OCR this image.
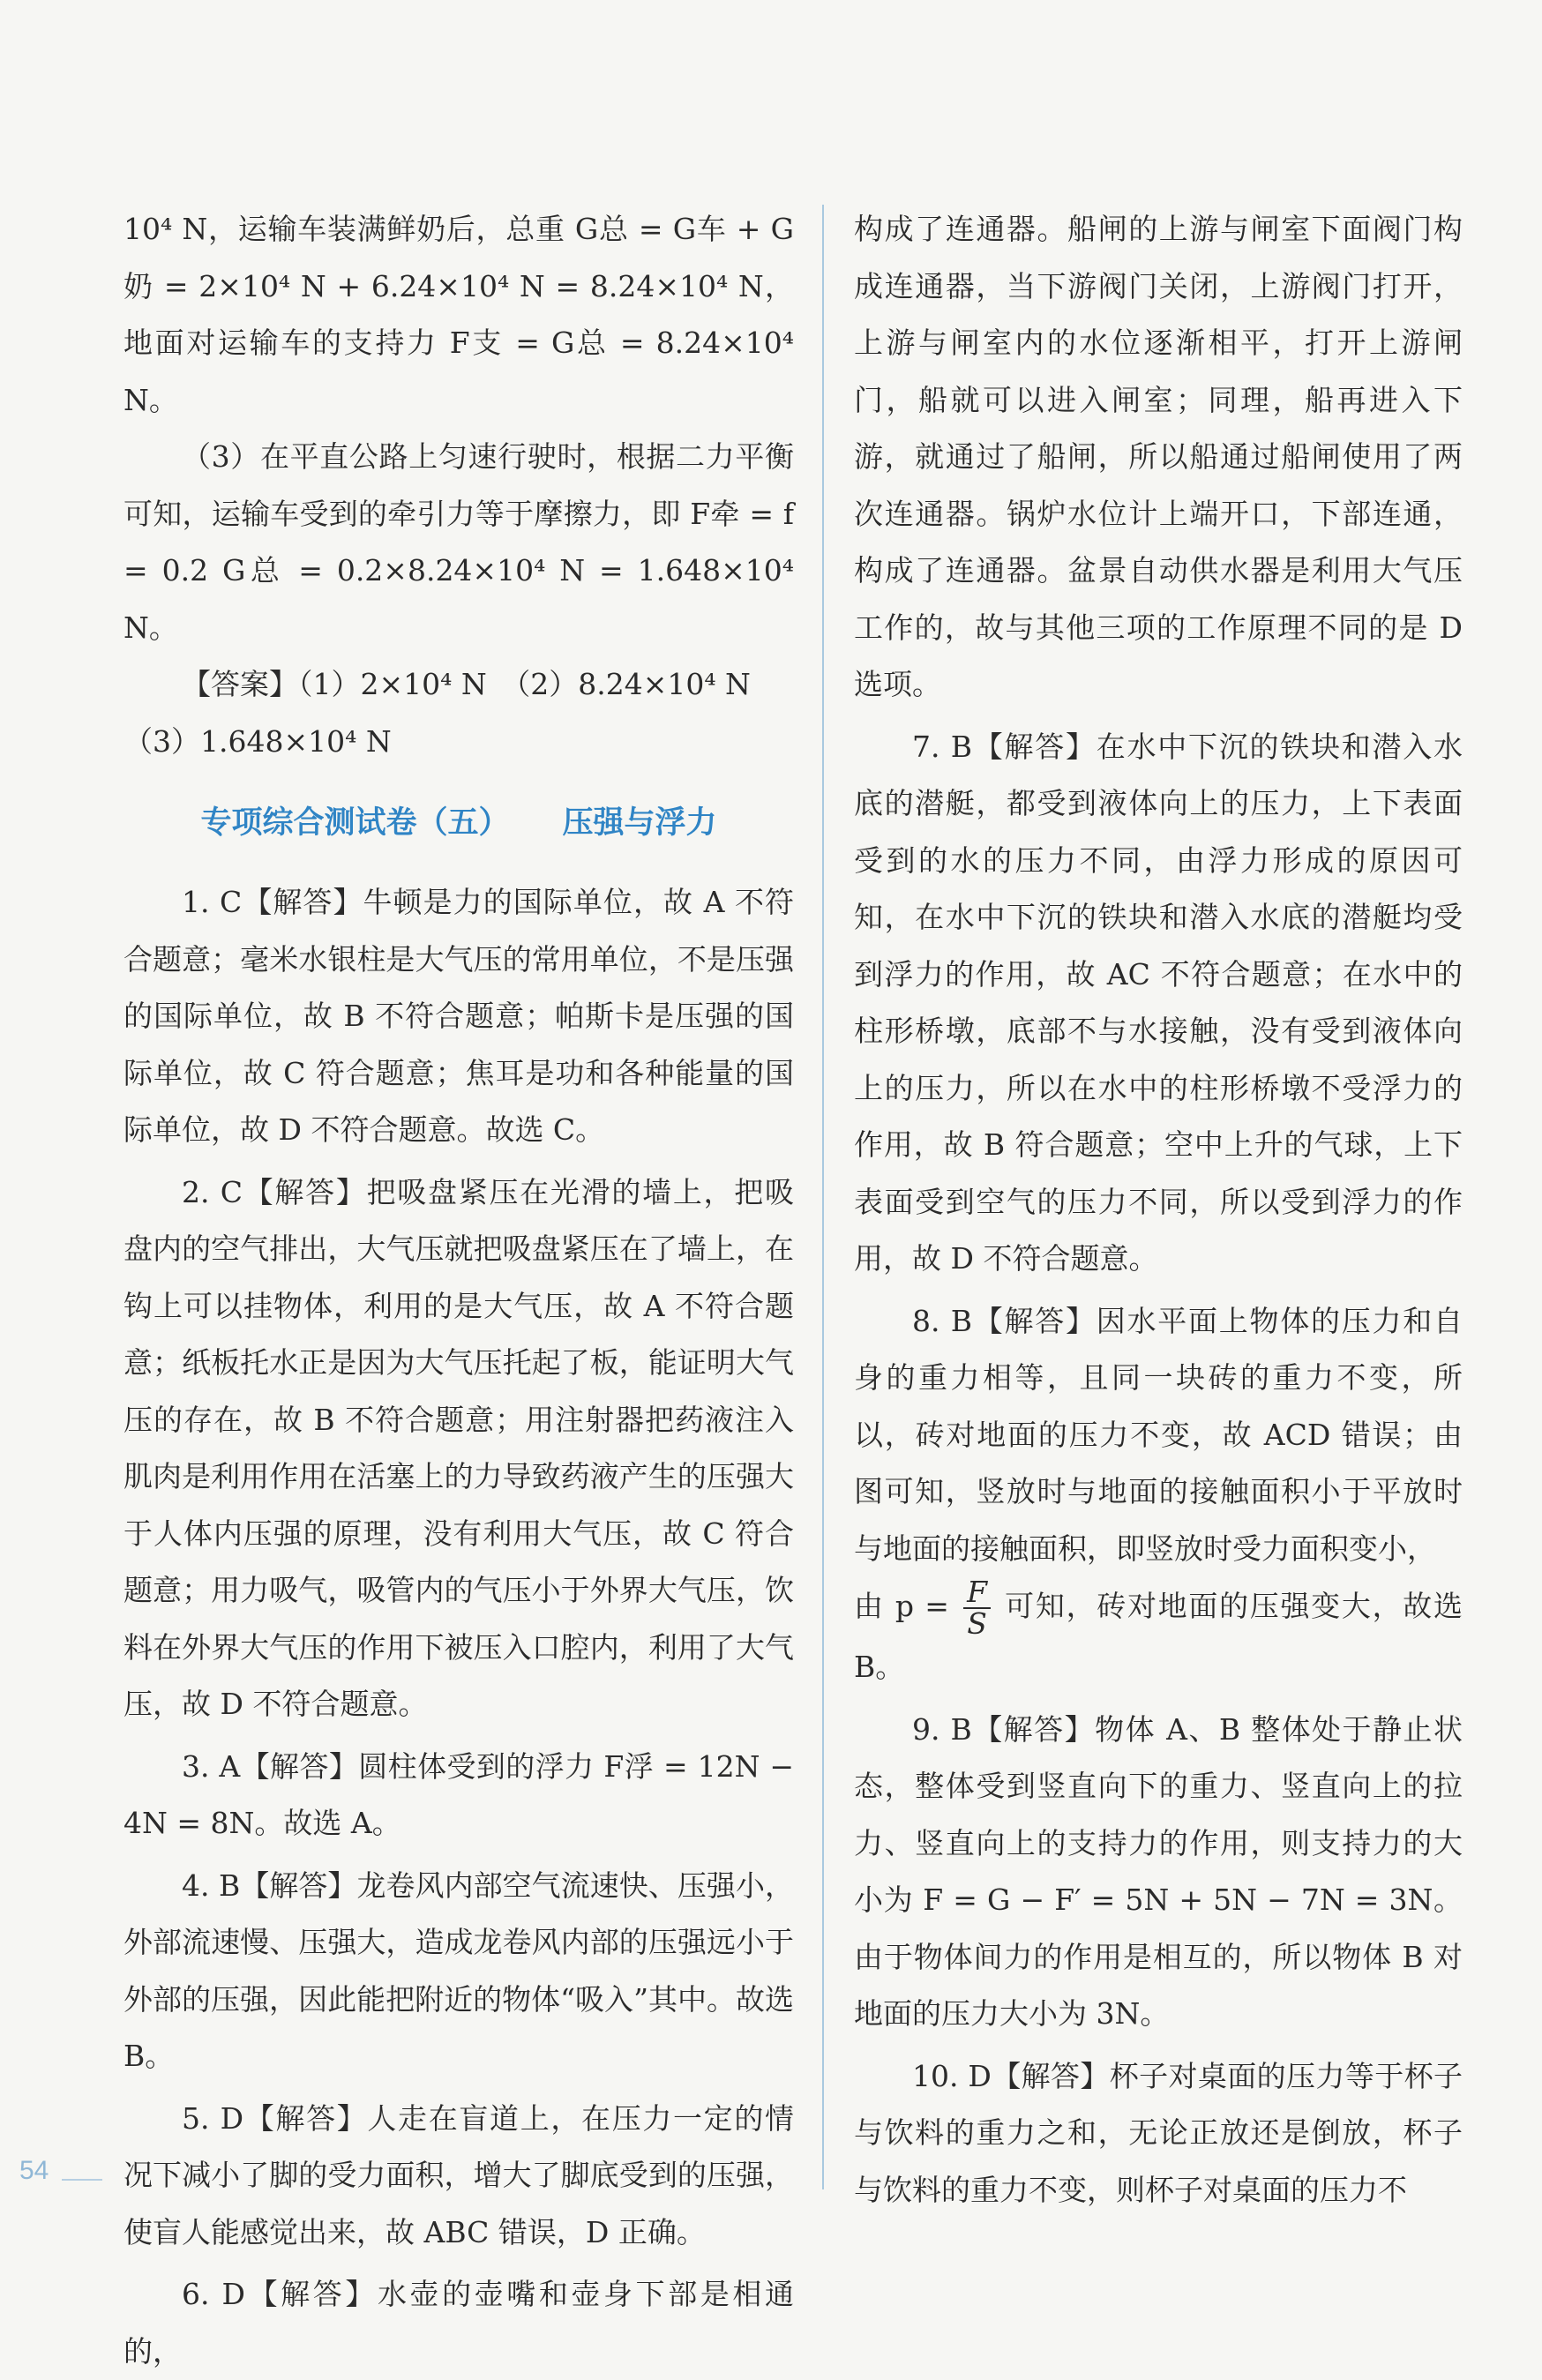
10⁴ N，运输车装满鲜奶后，总重 G总 = G车 + G奶 = 2×10⁴ N + 6.24×10⁴ N = 8.24×10⁴ N，地面对运输车的支持力 F支 = G总 = 8.24×10⁴ N。

（3）在平直公路上匀速行驶时，根据二力平衡可知，运输车受到的牵引力等于摩擦力，即 F牵 = f = 0.2 G总 = 0.2×8.24×10⁴ N = 1.648×10⁴ N。

【答案】（1）2×10⁴ N　（2）8.24×10⁴ N

（3）1.648×10⁴ N

专项综合测试卷（五） 压强与浮力

1. C【解答】牛顿是力的国际单位，故 A 不符合题意；毫米水银柱是大气压的常用单位，不是压强的国际单位，故 B 不符合题意；帕斯卡是压强的国际单位，故 C 符合题意；焦耳是功和各种能量的国际单位，故 D 不符合题意。故选 C。

2. C【解答】把吸盘紧压在光滑的墙上，把吸盘内的空气排出，大气压就把吸盘紧压在了墙上，在钩上可以挂物体，利用的是大气压，故 A 不符合题意；纸板托水正是因为大气压托起了板，能证明大气压的存在，故 B 不符合题意；用注射器把药液注入肌肉是利用作用在活塞上的力导致药液产生的压强大于人体内压强的原理，没有利用大气压，故 C 符合题意；用力吸气，吸管内的气压小于外界大气压，饮料在外界大气压的作用下被压入口腔内，利用了大气压，故 D 不符合题意。

3. A【解答】圆柱体受到的浮力 F浮 = 12N − 4N = 8N。故选 A。

4. B【解答】龙卷风内部空气流速快、压强小，外部流速慢、压强大，造成龙卷风内部的压强远小于外部的压强，因此能把附近的物体“吸入”其中。故选 B。

5. D【解答】人走在盲道上，在压力一定的情况下减小了脚的受力面积，增大了脚底受到的压强，使盲人能感觉出来，故 ABC 错误，D 正确。

6. D【解答】水壶的壶嘴和壶身下部是相通的，

构成了连通器。船闸的上游与闸室下面阀门构成连通器，当下游阀门关闭，上游阀门打开，上游与闸室内的水位逐渐相平，打开上游闸门，船就可以进入闸室；同理，船再进入下游，就通过了船闸，所以船通过船闸使用了两次连通器。锅炉水位计上端开口，下部连通，构成了连通器。盆景自动供水器是利用大气压工作的，故与其他三项的工作原理不同的是 D 选项。

7. B【解答】在水中下沉的铁块和潜入水底的潜艇，都受到液体向上的压力，上下表面受到的水的压力不同，由浮力形成的原因可知，在水中下沉的铁块和潜入水底的潜艇均受到浮力的作用，故 AC 不符合题意；在水中的柱形桥墩，底部不与水接触，没有受到液体向上的压力，所以在水中的柱形桥墩不受浮力的作用，故 B 符合题意；空中上升的气球，上下表面受到空气的压力不同，所以受到浮力的作用，故 D 不符合题意。

8. B【解答】因水平面上物体的压力和自身的重力相等，且同一块砖的重力不变，所以，砖对地面的压力不变，故 ACD 错误；由图可知，竖放时与地面的接触面积小于平放时与地面的接触面积，即竖放时受力面积变小，

由 $p = \frac{F}{S}$ 可知，砖对地面的压强变大，故选 B。

9. B【解答】物体 A、B 整体处于静止状态，整体受到竖直向下的重力、竖直向上的拉力、竖直向上的支持力的作用，则支持力的大小为 F = G − F′ = 5N + 5N − 7N = 3N。由于物体间力的作用是相互的，所以物体 B 对地面的压力大小为 3N。

10. D【解答】杯子对桌面的压力等于杯子与饮料的重力之和，无论正放还是倒放，杯子与饮料的重力不变，则杯子对桌面的压力不

54
